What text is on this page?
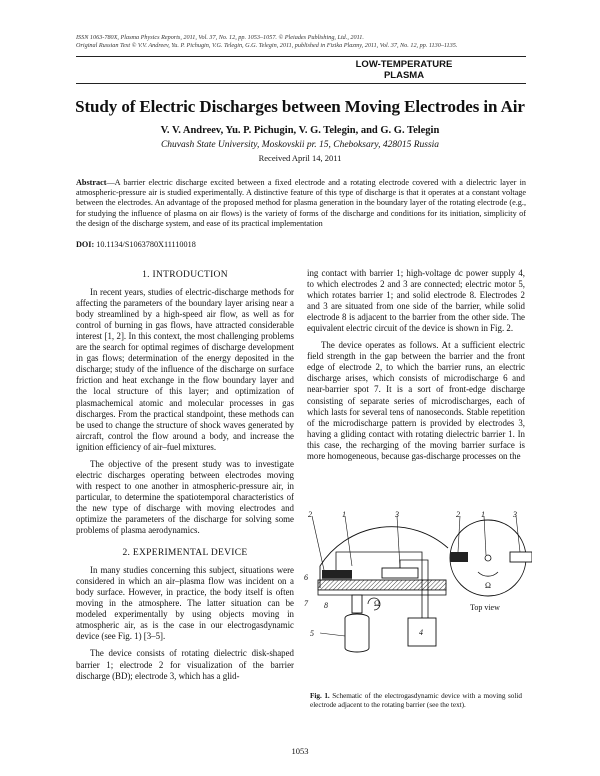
ISSN 1063-780X, Plasma Physics Reports, 2011, Vol. 37, No. 12, pp. 1053–1057. © Pleiades Publishing, Ltd., 2011.
Original Russian Text © V.V. Andreev, Yu. P. Pichugin, V.G. Telegin, G.G. Telegin, 2011, published in Fizika Plazmy, 2011, Vol. 37, No. 12, pp. 1130–1135.
LOW-TEMPERATURE
PLASMA
Study of Electric Discharges between Moving Electrodes in Air
V. V. Andreev, Yu. P. Pichugin, V. G. Telegin, and G. G. Telegin
Chuvash State University, Moskovskii pr. 15, Cheboksary, 428015 Russia
Received April 14, 2011
Abstract—A barrier electric discharge excited between a fixed electrode and a rotating electrode covered with a dielectric layer in atmospheric-pressure air is studied experimentally. A distinctive feature of this type of discharge is that it operates at a constant voltage between the electrodes. An advantage of the proposed method for plasma generation in the boundary layer of the rotating electrode (e.g., for studying the influence of plasma on air flows) is the variety of forms of the discharge and conditions for its initiation, simplicity of the design of the discharge system, and ease of its practical implementation
DOI: 10.1134/S1063780X11110018
1. INTRODUCTION

In recent years, studies of electric-discharge methods for affecting the parameters of the boundary layer arising near a body streamlined by a high-speed air flow, as well as for control of burning in gas flows, have attracted considerable interest [1, 2]. In this context, the most challenging problems are the search for optimal regimes of discharge development in gas flows; determination of the energy deposited in the discharge; study of the influence of the discharge on surface friction and heat exchange in the flow boundary layer and the local structure of this layer; and optimization of plasmachemical atomic and molecular processes in gas discharges. From the practical standpoint, these methods can be used to change the structure of shock waves generated by aircraft, control the flow around a body, and increase the ignition efficiency of air–fuel mixtures.

The objective of the present study was to investigate electric discharges operating between electrodes moving with respect to one another in atmospheric-pressure air, in particular, to determine the spatiotemporal characteristics of the new type of discharge with moving electrodes and optimize the parameters of the discharge for solving some problems of plasma aerodynamics.

2. EXPERIMENTAL DEVICE

In many studies concerning this subject, situations were considered in which an air–plasma flow was incident on a body surface. However, in practice, the body itself is often moving in the atmosphere. The latter situation can be modeled experimentally by using objects moving in atmospheric air, as is the case in our electrogasdynamic device (see Fig. 1) [3–5].

The device consists of rotating dielectric disk-shaped barrier 1; electrode 2 for visualization of the barrier discharge (BD); electrode 3, which has a glid-

ing contact with barrier 1; high-voltage dc power supply 4, to which electrodes 2 and 3 are connected; electric motor 5, which rotates barrier 1; and solid electrode 8. Electrodes 2 and 3 are situated from one side of the barrier, while solid electrode 8 is adjacent to the barrier from the other side. The equivalent electric circuit of the device is shown in Fig. 2.

The device operates as follows. At a sufficient electric field strength in the gap between the barrier and the front edge of electrode 2, to which the barrier runs, an electric discharge arises, which consists of microdischarge 6 and near-barrier spot 7. It is a sort of front-edge discharge consisting of separate series of microdischarges, each of which lasts for several tens of nanoseconds. Stable repetition of the microdischarge pattern is provided by electrodes 3, having a gliding contact with rotating dielectric barrier 1. In this case, the recharging of the moving barrier surface is more homogeneous, because gas-discharge processes on the

2	1	3
6
7 8
5	4
Ω
2	1	3
Ω
Top view
Fig. 1. Schematic of the electrogasdynamic device with a moving solid electrode adjacent to the rotating barrier (see the text).
1053
